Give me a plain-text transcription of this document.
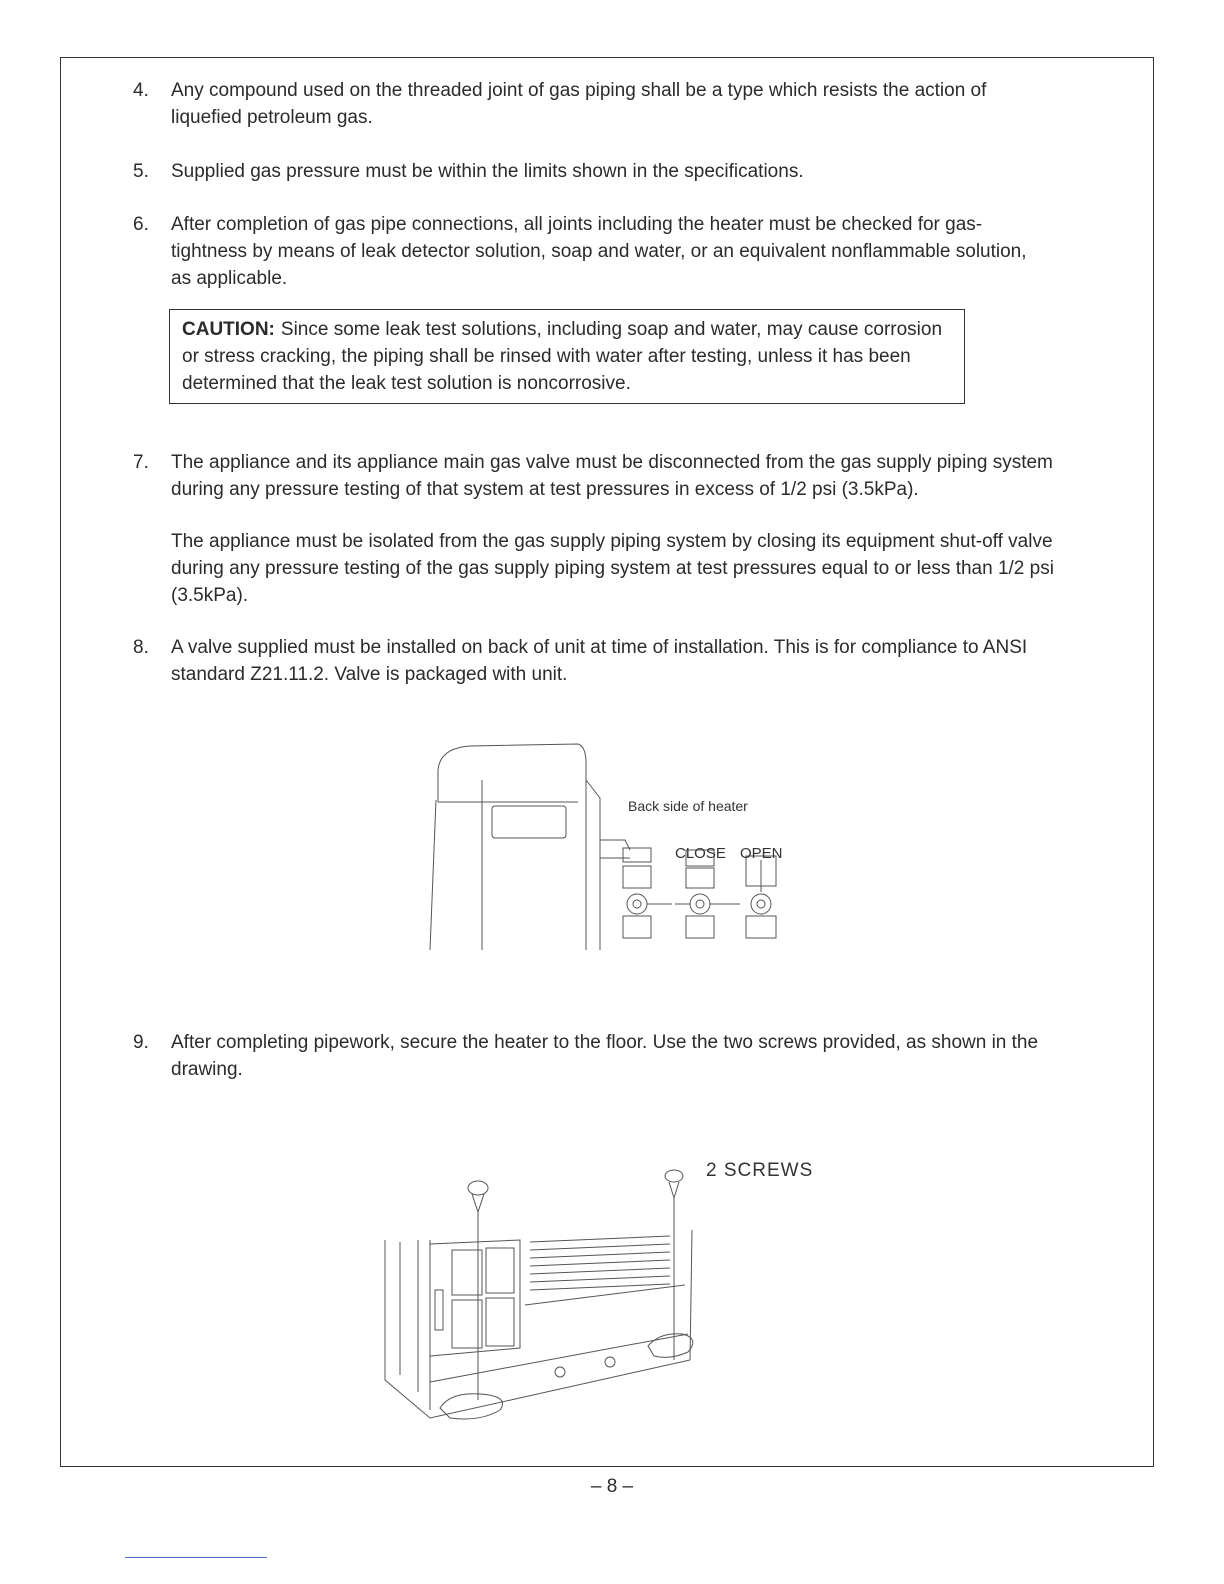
4.	Any compound used on the threaded joint of gas piping shall be a type which resists the action of liquefied petroleum gas.
5.	Supplied gas pressure must be within the limits shown in the specifications.
6.	After completion of gas pipe connections, all joints including the heater must be checked for gas-tightness by means of leak detector solution, soap and water, or an equivalent nonflammable solution, as applicable.
CAUTION: Since some leak test solutions, including soap and water, may cause corrosion or stress cracking, the piping shall be rinsed with water after testing, unless it has been determined that the leak test solution is noncorrosive.
7.	The appliance and its appliance main gas valve must be disconnected from the gas supply piping system during any pressure testing of that system at test pressures in excess of 1/2 psi (3.5kPa).
The appliance must be isolated from the gas supply piping system by closing its equipment shut-off valve during any pressure testing of the gas supply piping system at test pressures equal to or less than 1/2 psi (3.5kPa).
8.	A valve supplied must be installed on back of unit at time of installation. This is for compliance to ANSI standard Z21.11.2. Valve is packaged with unit.
Back side of heater
CLOSE OPEN
9.	After completing pipework, secure the heater to the floor. Use the two screws provided, as shown in the drawing.
2 SCREWS
– 8 –
